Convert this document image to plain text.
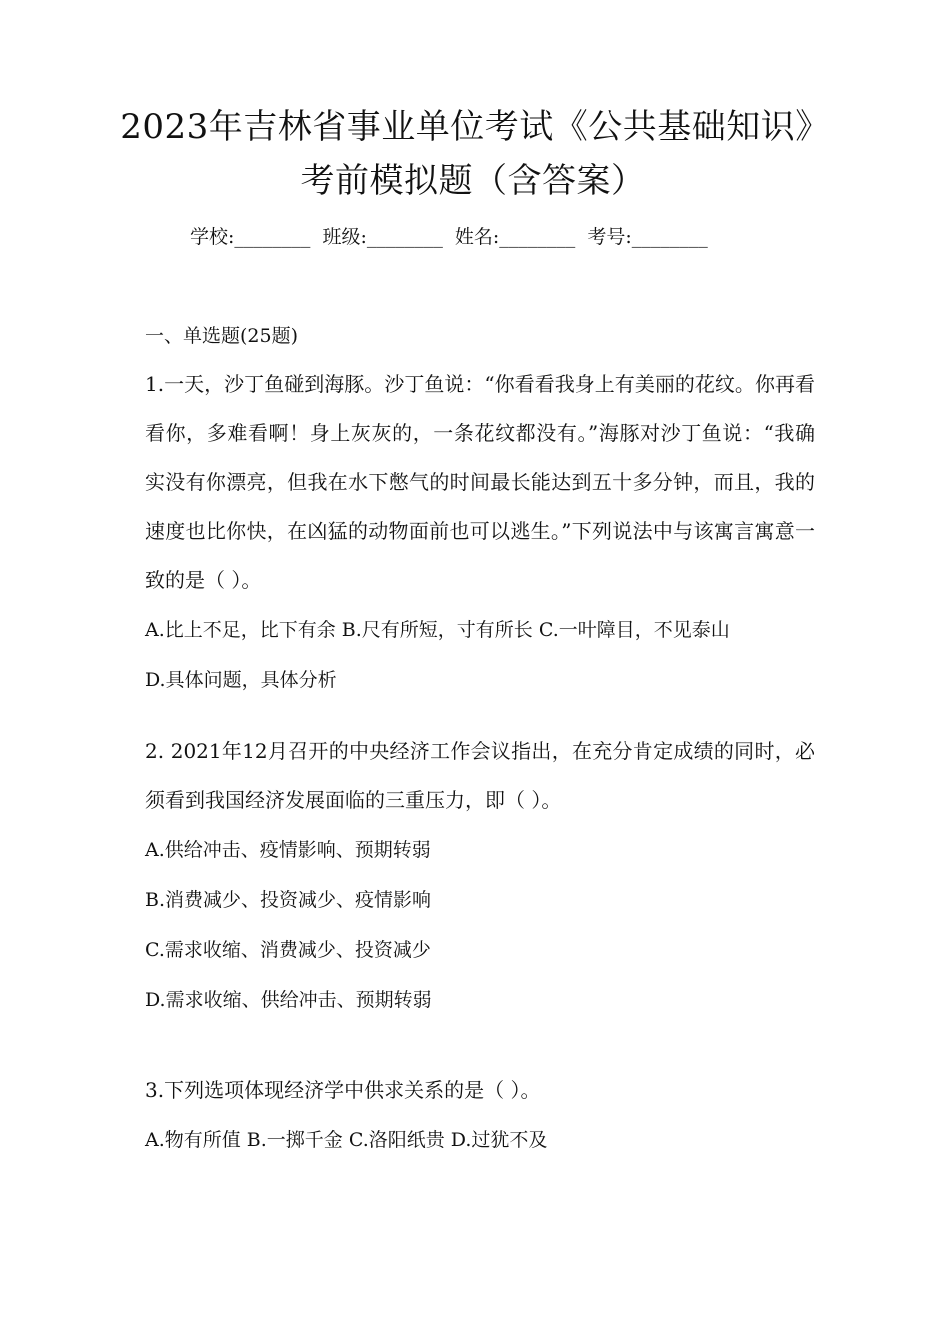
2023年吉林省事业单位考试《公共基础知识》
考前模拟题（含答案）
学校:________ 班级:________ 姓名:________ 考号:________
一、单选题(25题)
1.一天，沙丁鱼碰到海豚。沙丁鱼说：“你看看我身上有美丽的花纹。你再看看你，多难看啊！身上灰灰的，一条花纹都没有。”海豚对沙丁鱼说：“我确实没有你漂亮，但我在水下憋气的时间最长能达到五十多分钟，而且，我的速度也比你快，在凶猛的动物面前也可以逃生。”下列说法中与该寓言寓意一致的是（ ）。
A.比上不足，比下有余 B.尺有所短，寸有所长 C.一叶障目，不见泰山
D.具体问题，具体分析
2. 2021年12月召开的中央经济工作会议指出，在充分肯定成绩的同时，必须看到我国经济发展面临的三重压力，即（ ）。
A.供给冲击、疫情影响、预期转弱
B.消费减少、投资减少、疫情影响
C.需求收缩、消费减少、投资减少
D.需求收缩、供给冲击、预期转弱
3.下列选项体现经济学中供求关系的是（ ）。
A.物有所值 B.一掷千金 C.洛阳纸贵 D.过犹不及
